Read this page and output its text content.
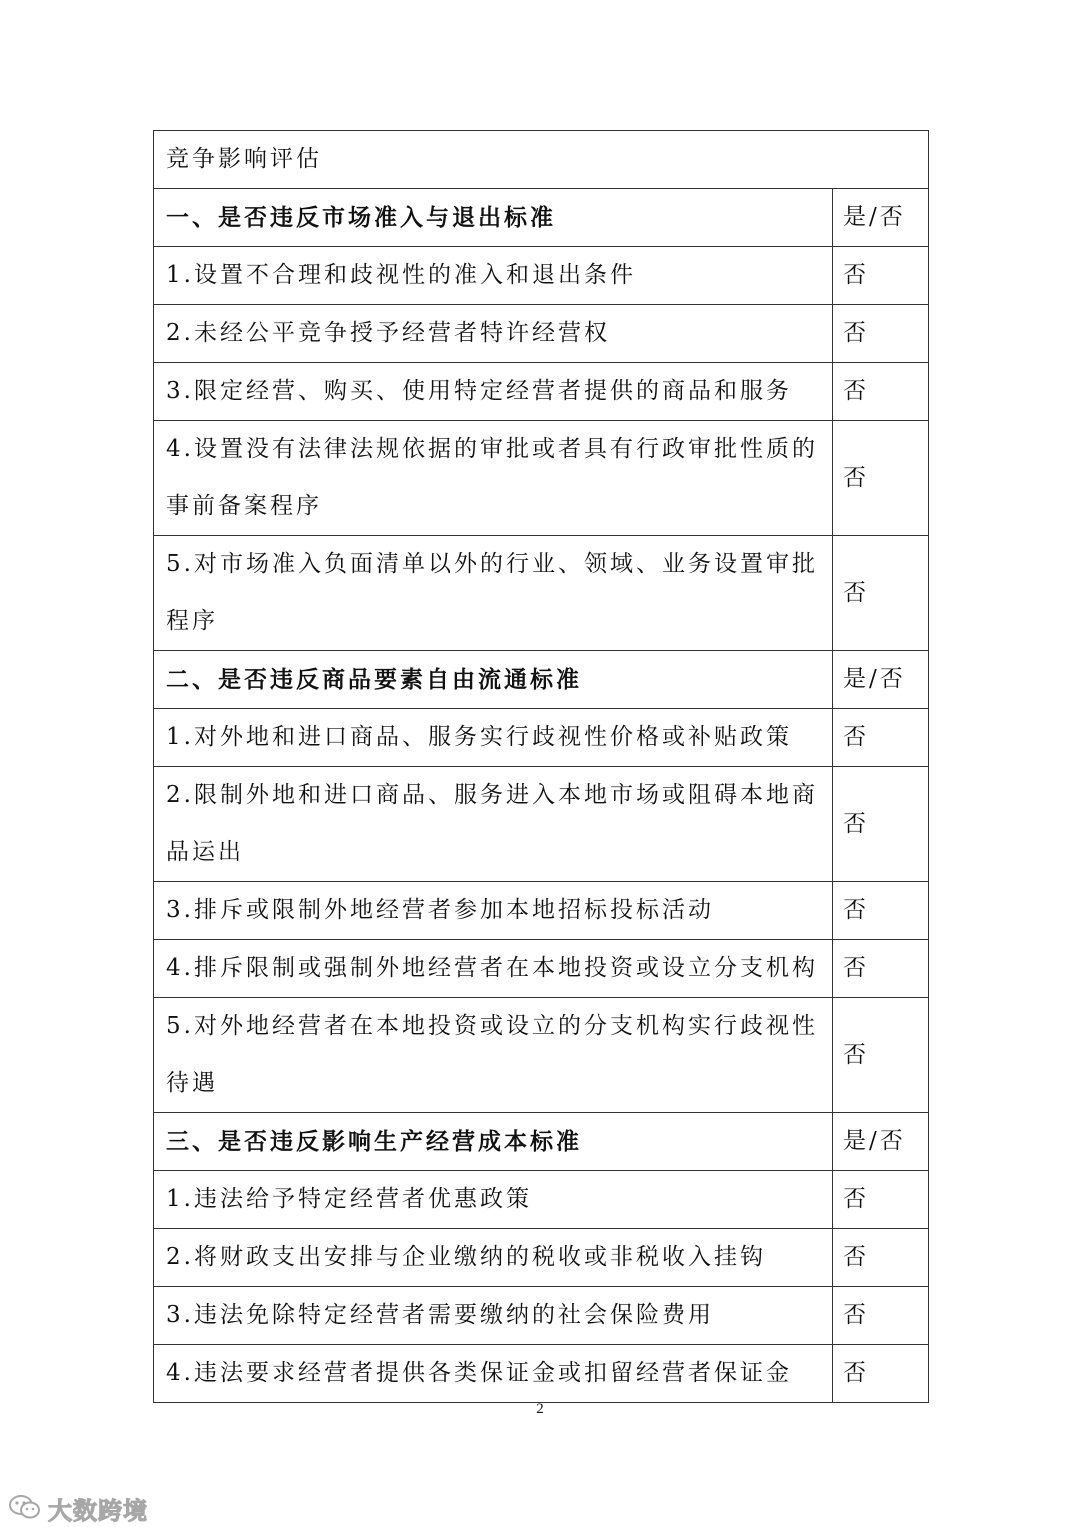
竞争影响评估	
一、是否违反市场准入与退出标准	是/否
1.设置不合理和歧视性的准入和退出条件	否
2.未经公平竞争授予经营者特许经营权	否
3.限定经营、购买、使用特定经营者提供的商品和服务	否
4.设置没有法律法规依据的审批或者具有行政审批性质的事前备案程序	否
5.对市场准入负面清单以外的行业、领域、业务设置审批程序	否
二、是否违反商品要素自由流通标准	是/否
1.对外地和进口商品、服务实行歧视性价格或补贴政策	否
2.限制外地和进口商品、服务进入本地市场或阻碍本地商品运出	否
3.排斥或限制外地经营者参加本地招标投标活动	否
4.排斥限制或强制外地经营者在本地投资或设立分支机构	否
5.对外地经营者在本地投资或设立的分支机构实行歧视性待遇	否
三、是否违反影响生产经营成本标准	是/否
1.违法给予特定经营者优惠政策	否
2.将财政支出安排与企业缴纳的税收或非税收入挂钩	否
3.违法免除特定经营者需要缴纳的社会保险费用	否
4.违法要求经营者提供各类保证金或扣留经营者保证金	否
2
大数跨境
